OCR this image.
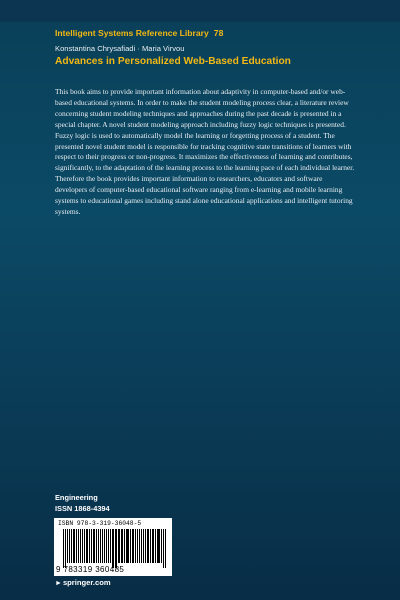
Intelligent Systems Reference Library 78
Konstantina Chrysafiadi · Maria Virvou
Advances in Personalized Web-Based Education
This book aims to provide important information about adaptivity in computer-based and/or web-based educational systems. In order to make the student modeling process clear, a literature review concerning student modeling techniques and approaches during the past decade is presented in a special chapter. A novel student modeling approach including fuzzy logic techniques is presented. Fuzzy logic is used to automatically model the learning or forgetting process of a student. The presented novel student model is responsible for tracking cognitive state transitions of learners with respect to their progress or non-progress. It maximizes the effectiveness of learning and contributes, significantly, to the adaptation of the learning process to the learning pace of each individual learner. Therefore the book provides important information to researchers, educators and software developers of computer-based educational software ranging from e-learning and mobile learning systems to educational games including stand alone educational applications and intelligent tutoring systems.
Engineering
ISSN 1868-4394
ISBN 978-3-319-36048-5
9 783319 360485
►springer.com
